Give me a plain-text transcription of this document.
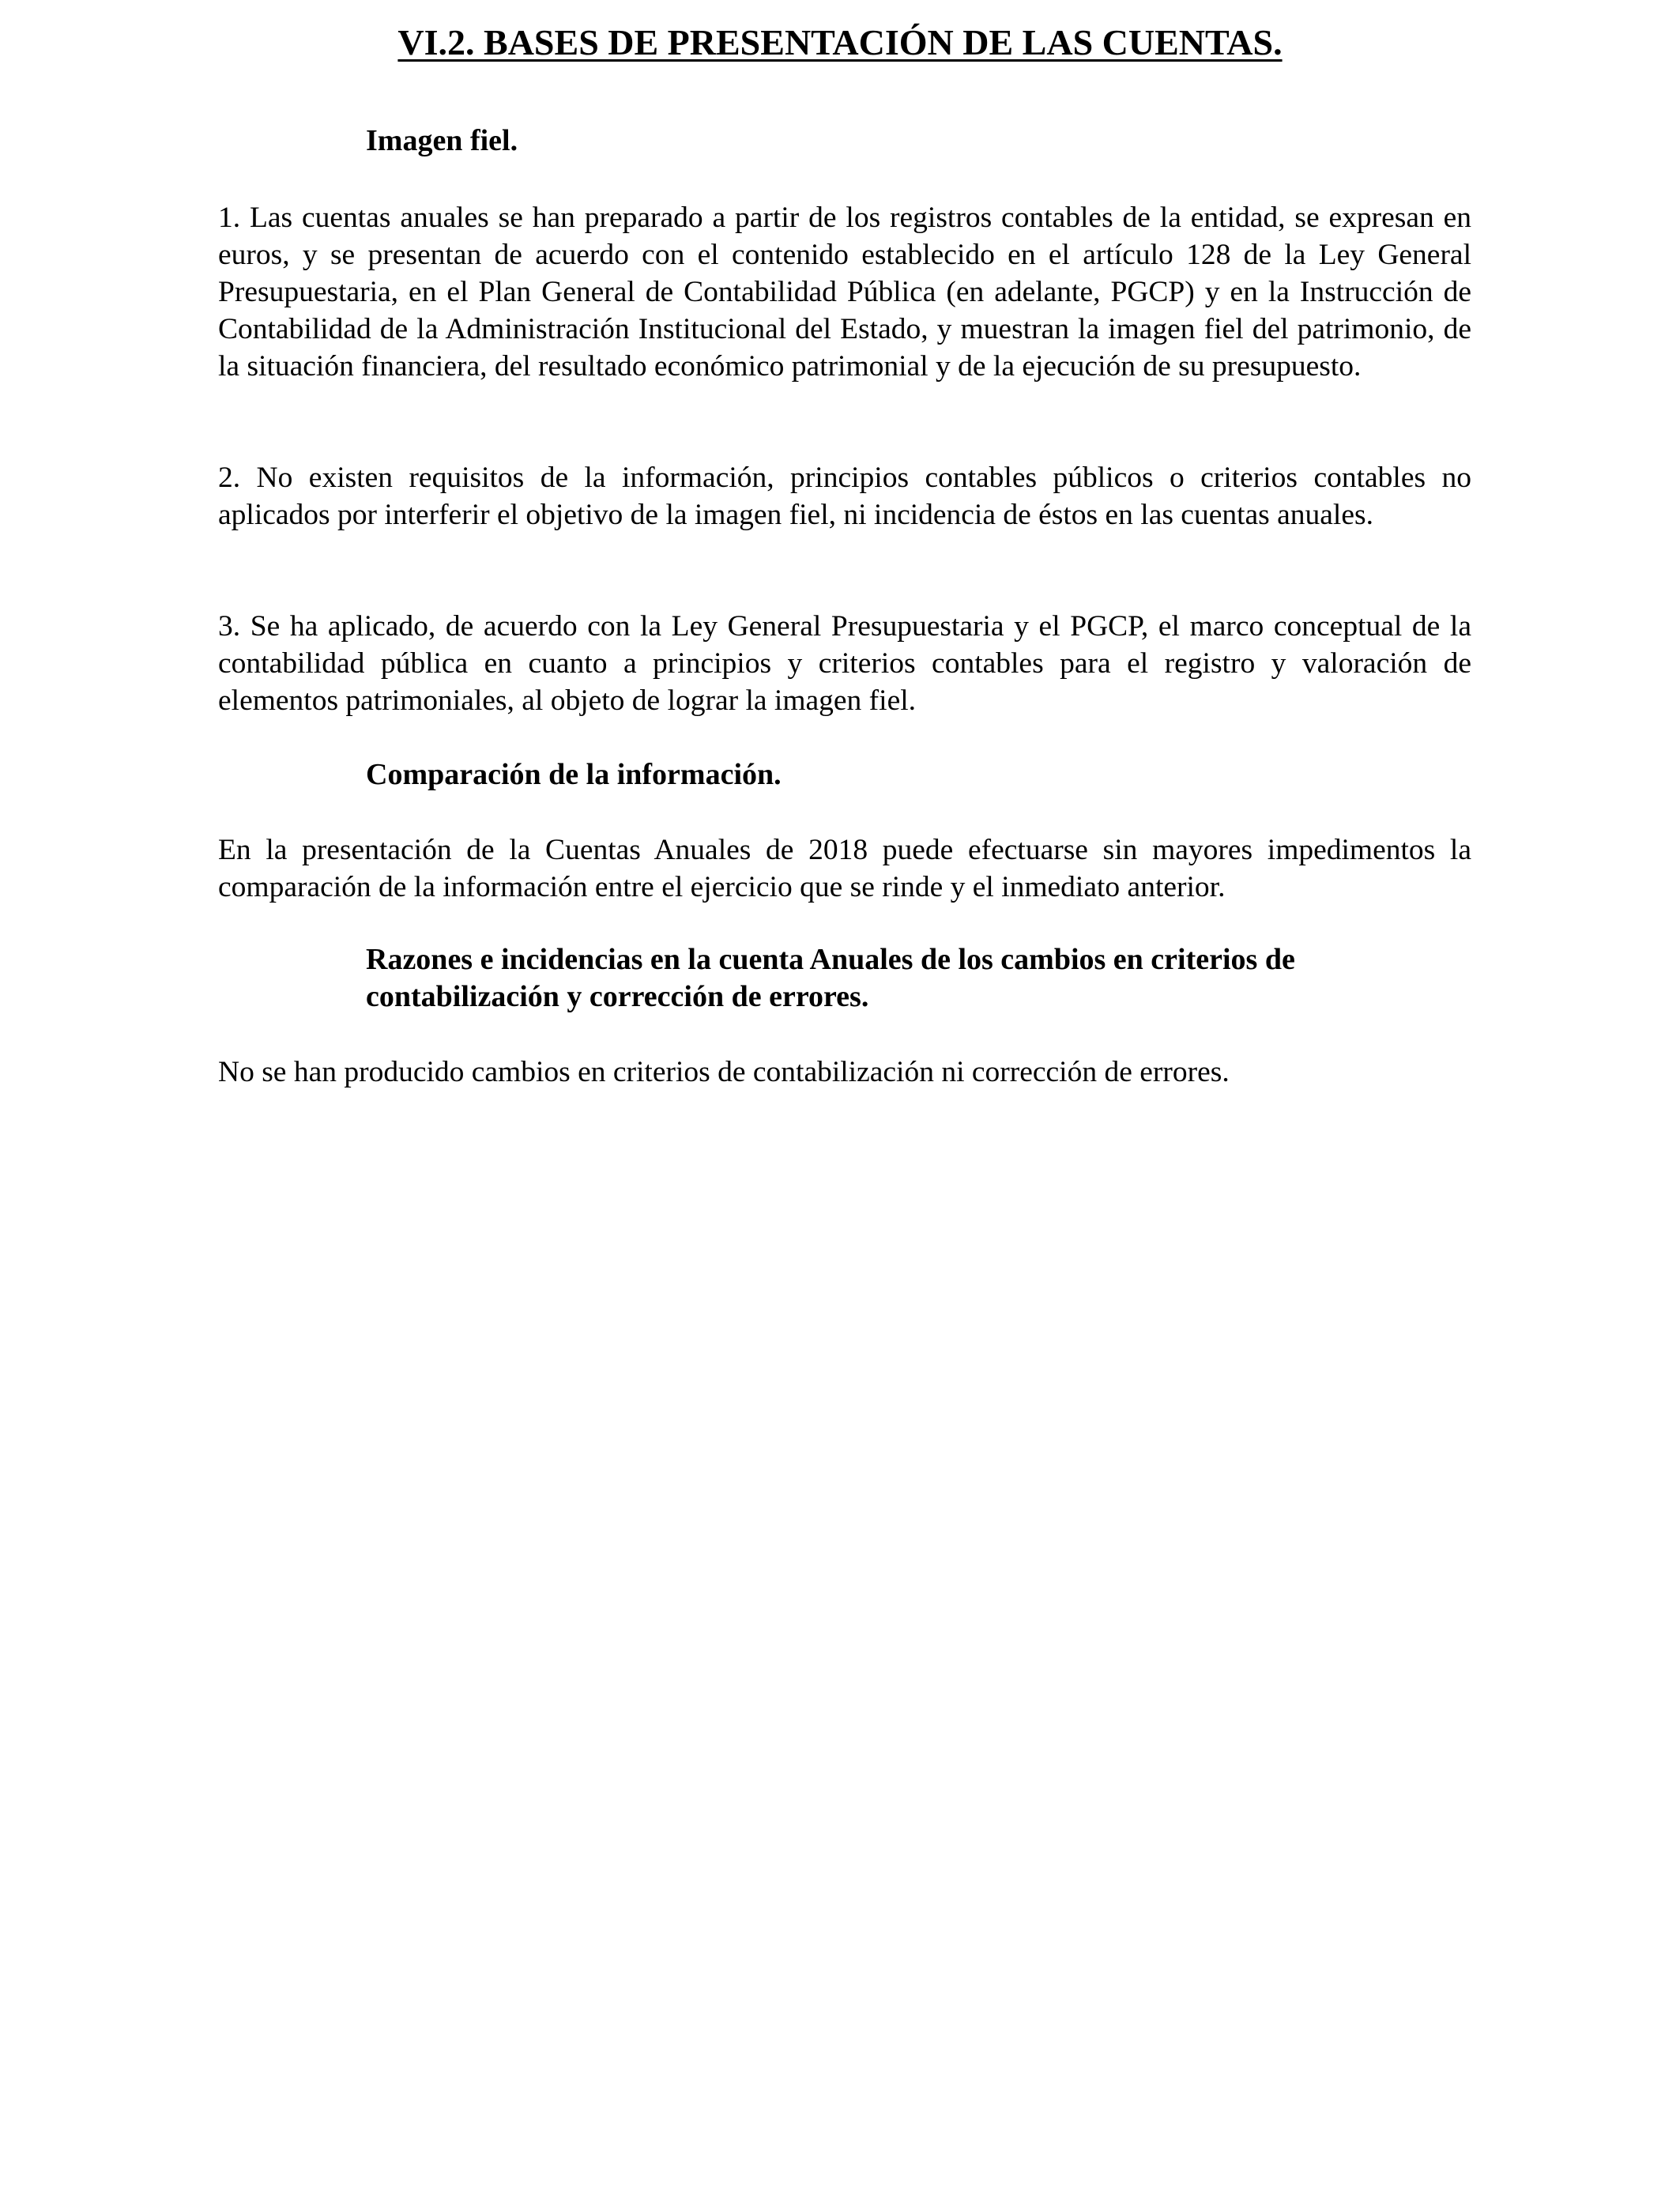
VI.2. BASES DE PRESENTACIÓN DE LAS CUENTAS.
Imagen fiel.

1. Las cuentas anuales se han preparado a partir de los registros contables de la entidad, se expresan en euros, y se presentan de acuerdo con el contenido establecido en el artículo 128 de la Ley General Presupuestaria, en el Plan General de Contabilidad Pública (en adelante, PGCP) y en la Instrucción de Contabilidad de la Administración Institucional del Estado, y muestran la imagen fiel del patrimonio, de la situación financiera, del resultado económico patrimonial y de la ejecución de su presupuesto.

2. No existen requisitos de la información, principios contables públicos o criterios contables no aplicados por interferir el objetivo de la imagen fiel, ni incidencia de éstos en las cuentas anuales.

3. Se ha aplicado, de acuerdo con la Ley General Presupuestaria y el PGCP, el marco conceptual de la contabilidad pública en cuanto a principios y criterios contables para el registro y valoración de elementos patrimoniales, al objeto de lograr la imagen fiel.

Comparación de la información.

En la presentación de la Cuentas Anuales de 2018 puede efectuarse sin mayores impedimentos la comparación de la información entre el ejercicio que se rinde y el inmediato anterior.

Razones e incidencias en la cuenta Anuales de los cambios en criterios de contabilización y corrección de errores.

No se han producido cambios en criterios de contabilización ni corrección de errores.
